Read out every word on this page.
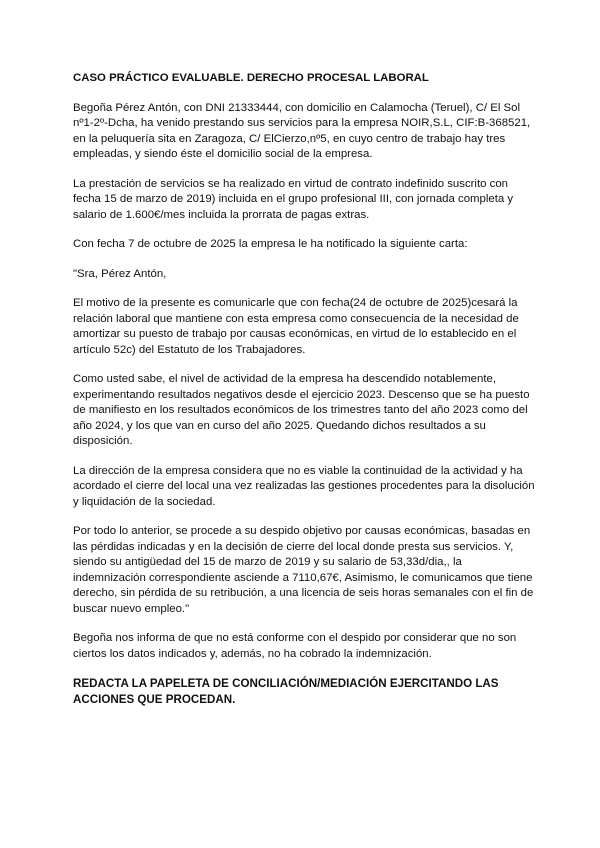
CASO PRÁCTICO EVALUABLE. DERECHO PROCESAL LABORAL

Begoña Pérez Antón, con DNI 21333444, con domicilio en Calamocha (Teruel), C/ El Sol nº1-2º-Dcha, ha venido prestando sus servicios para la empresa NOIR,S.L, CIF:B-368521, en la peluquería sita en Zaragoza, C/ ElCierzo,nº5, en cuyo centro de trabajo hay tres empleadas, y siendo éste el domicilio social de la empresa.

La prestación de servicios se ha realizado en virtud de contrato indefinido suscrito con fecha 15 de marzo de 2019) incluida en el grupo profesional III, con jornada completa y salario de 1.600€/mes incluida la prorrata de pagas extras.

Con fecha 7 de octubre de 2025 la empresa le ha notificado la siguiente carta:

"Sra, Pérez Antón,

El motivo de la presente es comunicarle que con fecha(24 de octubre de 2025)cesará la relación laboral que mantiene con esta empresa como consecuencia de la necesidad de amortizar su puesto de trabajo por causas económicas, en virtud de lo establecido en el artículo 52c) del Estatuto de los Trabajadores.

Como usted sabe, el nivel de actividad de la empresa ha descendido notablemente, experimentando resultados negativos desde el ejercicio 2023. Descenso que se ha puesto de manifiesto en los resultados económicos de los trimestres tanto del año 2023 como del año 2024, y los que van en curso del año 2025. Quedando dichos resultados a su disposición.

La dirección de la empresa considera que no es viable la continuidad de la actividad y ha acordado el cierre del local una vez realizadas las gestiones procedentes para la disolución y liquidación de la sociedad.

Por todo lo anterior, se procede a su despido objetivo por causas económicas, basadas en las pérdidas indicadas y en la decisión de cierre del local donde presta sus servicios. Y, siendo su antigüedad del 15 de marzo de 2019 y su salario de 53,33d/dia,, la indemnización correspondiente asciende a 7110,67€, Asimismo, le comunicamos que tiene derecho, sin pérdida de su retribución, a una licencia de seis horas semanales con el fin de buscar nuevo empleo."

Begoña nos informa de que no está conforme con el despido por considerar que no son ciertos los datos indicados y, además, no ha cobrado la indemnización.

REDACTA LA PAPELETA DE CONCILIACIÓN/MEDIACIÓN EJERCITANDO LAS ACCIONES QUE PROCEDAN.
